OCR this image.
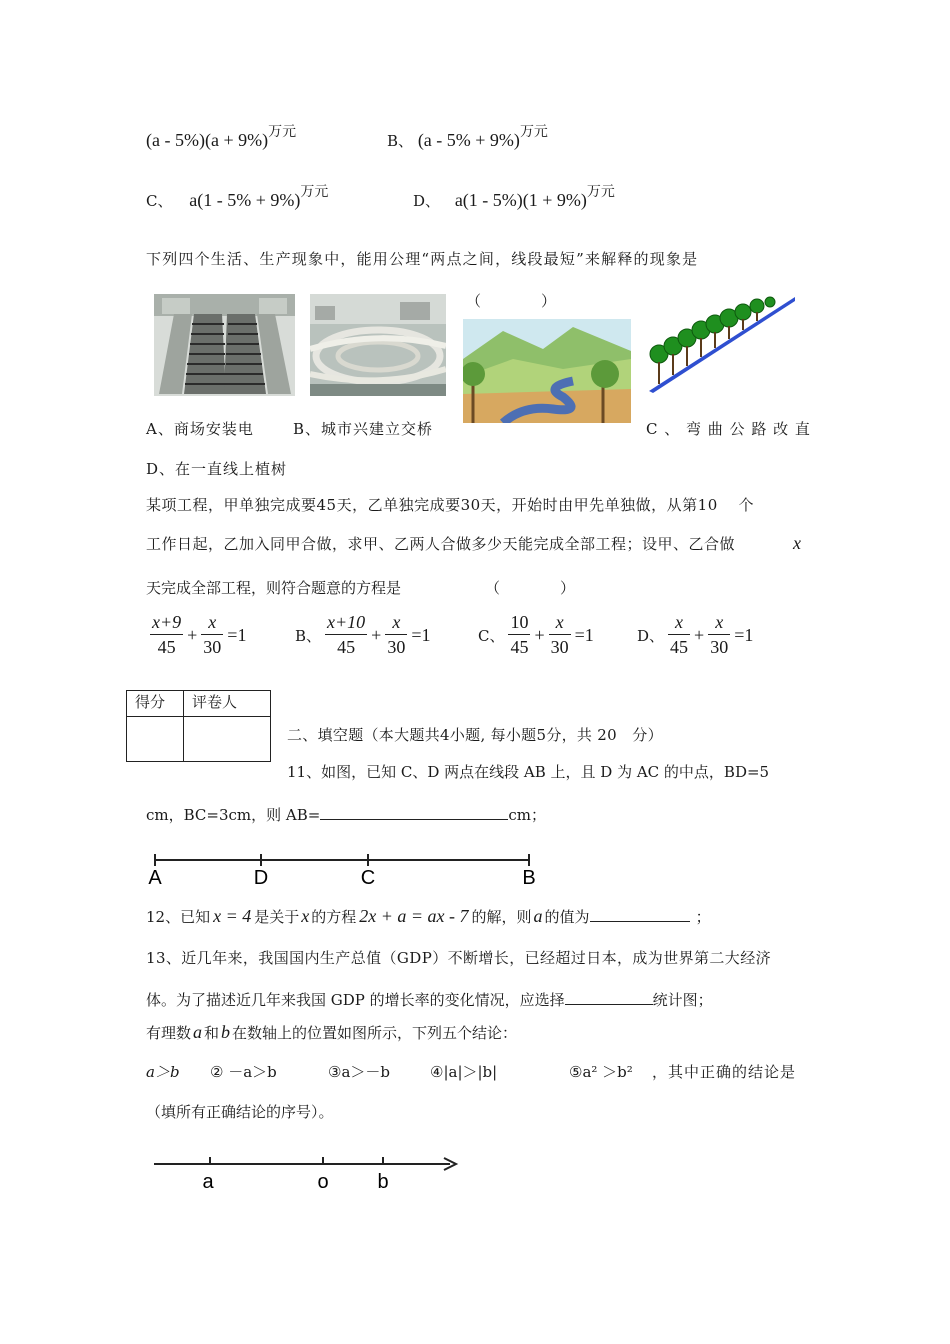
$(a - 5\%)(a + 9\%)^{万元}$	B、 (a - 5% + 9%)万元
C、 a(1 - 5% + 9%)万元	D、 a(1 - 5%)(1 + 9%)万元
下列四个生活、生产现象中，能用公理“两点之间，线段最短”来解释的现象是
（　　　　）
A、商场安装电	B、城市兴建立交桥	C 、 弯 曲 公 路 改 直
D、在一直线上植树
某项工程，甲单独完成要45天，乙单独完成要30天，开始时由甲先单独做，从第10　 个
工作日起，乙加入同甲合做，求甲、乙两人合做多少天能完成全部工程；设甲、乙合做	x
天完成全部工程，则符合题意的方程是	（　　　　）
$\frac{x+9}{45} + \frac{x}{30} =1$	B、 $\frac{x+10}{45} + \frac{x}{30} =1$	C、 $\frac{10}{45} + \frac{x}{30} =1$	D、 $\frac{x}{45} + \frac{x}{30} =1$
得分	评卷人

二、填空题（本大题共4小题, 每小题5分，共 20　分）
11、如图，已知 C、D 两点在线段 AB 上，且 D 为 AC 的中点，BD=5
cm，BC=3cm，则 AB=	cm；
A	D	C	B
12、已知 x = 4 是关于 x 的方程 2x + a = ax - 7 的解，则 a 的值为	；
13、近几年来，我国国内生产总值（GDP）不断增长，已经超过日本，成为世界第二大经济
体。为了描述近几年来我国 GDP 的增长率的变化情况，应选择	统计图；
有理数 a 和 b 在数轴上的位置如图所示，下列五个结论：
a＞b ② －a＞b	③a＞－b	④|a|＞|b|	⑤a² ＞b² ，其中正确的结论是
（填所有正确结论的序号）。
a	o b
